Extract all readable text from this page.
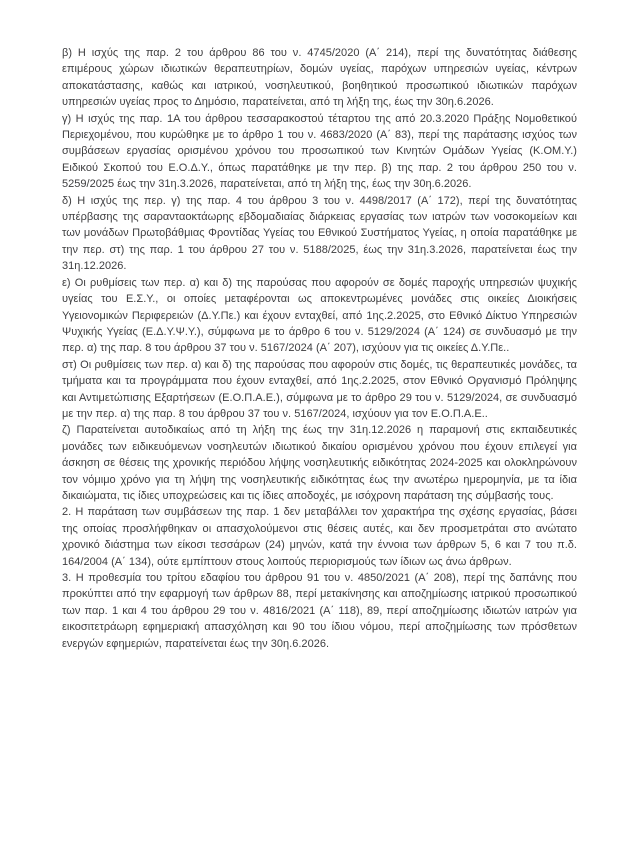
β) Η ισχύς της παρ. 2 του άρθρου 86 του ν. 4745/2020 (Α΄ 214), περί της δυνατότητας διάθεσης επιμέρους χώρων ιδιωτικών θεραπευτηρίων, δομών υγείας, παρόχων υπηρεσιών υγείας, κέντρων αποκατάστασης, καθώς και ιατρικού, νοσηλευτικού, βοηθητικού προσωπικού ιδιωτικών παρόχων υπηρεσιών υγείας προς το Δημόσιο, παρατείνεται, από τη λήξη της, έως την 30η.6.2026.

γ) Η ισχύς της παρ. 1Α του άρθρου τεσσαρακοστού τέταρτου της από 20.3.2020 Πράξης Νομοθετικού Περιεχομένου, που κυρώθηκε με το άρθρο 1 του ν. 4683/2020 (Α΄ 83), περί της παράτασης ισχύος των συμβάσεων εργασίας ορισμένου χρόνου του προσωπικού των Κινητών Ομάδων Υγείας (Κ.ΟΜ.Υ.) Ειδικού Σκοπού του Ε.Ο.Δ.Υ., όπως παρατάθηκε με την περ. β) της παρ. 2 του άρθρου 250 του ν. 5259/2025 έως την 31η.3.2026, παρατείνεται, από τη λήξη της, έως την 30η.6.2026.

δ) Η ισχύς της περ. γ) της παρ. 4 του άρθρου 3 του ν. 4498/2017 (Α΄ 172), περί της δυνατότητας υπέρβασης της σαρανταοκτάωρης εβδομαδιαίας διάρκειας εργασίας των ιατρών των νοσοκομείων και των μονάδων Πρωτοβάθμιας Φροντίδας Υγείας του Εθνικού Συστήματος Υγείας, η οποία παρατάθηκε με την περ. στ) της παρ. 1 του άρθρου 27 του ν. 5188/2025, έως την 31η.3.2026, παρατείνεται έως την 31η.12.2026.

ε) Οι ρυθμίσεις των περ. α) και δ) της παρούσας που αφορούν σε δομές παροχής υπηρεσιών ψυχικής υγείας του Ε.Σ.Υ., οι οποίες μεταφέρονται ως αποκεντρωμένες μονάδες στις οικείες Διοικήσεις Υγειονομικών Περιφερειών (Δ.Υ.Πε.) και έχουν ενταχθεί, από 1ης.2.2025, στο Εθνικό Δίκτυο Υπηρεσιών Ψυχικής Υγείας (Ε.Δ.Υ.Ψ.Υ.), σύμφωνα με το άρθρο 6 του ν. 5129/2024 (Α΄ 124) σε συνδυασμό με την περ. α) της παρ. 8 του άρθρου 37 του ν. 5167/2024 (Α΄ 207), ισχύουν για τις οικείες Δ.Υ.Πε..

στ) Οι ρυθμίσεις των περ. α) και δ) της παρούσας που αφορούν στις δομές, τις θεραπευτικές μονάδες, τα τμήματα και τα προγράμματα που έχουν ενταχθεί, από 1ης.2.2025, στον Εθνικό Οργανισμό Πρόληψης και Αντιμετώπισης Εξαρτήσεων (Ε.Ο.Π.Α.Ε.), σύμφωνα με το άρθρο 29 του ν. 5129/2024, σε συνδυασμό με την περ. α) της παρ. 8 του άρθρου 37 του ν. 5167/2024, ισχύουν για τον Ε.Ο.Π.Α.Ε..

ζ) Παρατείνεται αυτοδικαίως από τη λήξη της έως την 31η.12.2026 η παραμονή στις εκπαιδευτικές μονάδες των ειδικευόμενων νοσηλευτών ιδιωτικού δικαίου ορισμένου χρόνου που έχουν επιλεγεί για άσκηση σε θέσεις της χρονικής περιόδου λήψης νοσηλευτικής ειδικότητας 2024-2025 και ολοκληρώνουν τον νόμιμο χρόνο για τη λήψη της νοσηλευτικής ειδικότητας έως την ανωτέρω ημερομηνία, με τα ίδια δικαιώματα, τις ίδιες υποχρεώσεις και τις ίδιες αποδοχές, με ισόχρονη παράταση της σύμβασής τους.

2. Η παράταση των συμβάσεων της παρ. 1 δεν μεταβάλλει τον χαρακτήρα της σχέσης εργασίας, βάσει της οποίας προσλήφθηκαν οι απασχολούμενοι στις θέσεις αυτές, και δεν προσμετράται στο ανώτατο χρονικό διάστημα των είκοσι τεσσάρων (24) μηνών, κατά την έννοια των άρθρων 5, 6 και 7 του π.δ. 164/2004 (Α΄ 134), ούτε εμπίπτουν στους λοιπούς περιορισμούς των ίδιων ως άνω άρθρων.

3. Η προθεσμία του τρίτου εδαφίου του άρθρου 91 του ν. 4850/2021 (Α΄ 208), περί της δαπάνης που προκύπτει από την εφαρμογή των άρθρων 88, περί μετακίνησης και αποζημίωσης ιατρικού προσωπικού των παρ. 1 και 4 του άρθρου 29 του ν. 4816/2021 (Α΄ 118), 89, περί αποζημίωσης ιδιωτών ιατρών για εικοσιτετράωρη εφημεριακή απασχόληση και 90 του ίδιου νόμου, περί αποζημίωσης των πρόσθετων ενεργών εφημεριών, παρατείνεται έως την 30η.6.2026.
